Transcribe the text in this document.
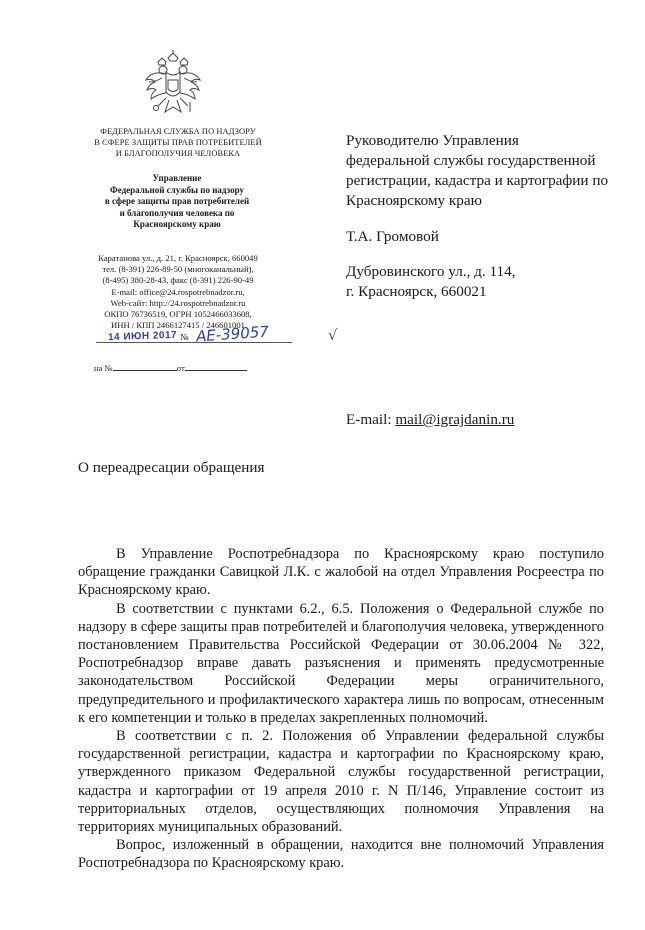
ФЕДЕРАЛЬНАЯ СЛУЖБА ПО НАДЗОРУ
В СФЕРЕ ЗАЩИТЫ ПРАВ ПОТРЕБИТЕЛЕЙ
И БЛАГОПОЛУЧИЯ ЧЕЛОВЕКА
Управление
Федеральной службы по надзору
в сфере защиты прав потребителей
и благополучия человека по
Красноярскому краю
Каратанова ул., д. 21, г. Красноярск, 660049
тел. (8-391) 226-89-50 (многоканальный),
(8-495) 380-28-43, факс (8-391) 226-90-49
E-mail: office@24.rospotrebnadzor.ru,
Web-сайт: http://24.rospotrebnadzor.ru
ОКПО 76736519, ОГРН 1052466033608,
ИНН / КПП 2466127415 / 246601001
14 ИЮН 2017 № АЕ-39057
на №	от
√
Руководителю Управления
федеральной службы государственной
регистрации, кадастра и картографии по
Красноярскому краю
Т.А. Громовой
Дубровинского ул., д. 114,
г. Красноярск, 660021
E-mail: mail@igrajdanin.ru
О переадресации обращения

В Управление Роспотребнадзора по Красноярскому краю поступило обращение гражданки Савицкой Л.К. с жалобой на отдел Управления Росреестра по Красноярскому краю.

В соответствии с пунктами 6.2., 6.5. Положения о Федеральной службе по надзору в сфере защиты прав потребителей и благополучия человека, утвержденного постановлением Правительства Российской Федерации от 30.06.2004 № 322, Роспотребнадзор вправе давать разъяснения и применять предусмотренные законодательством Российской Федерации меры ограничительного, предупредительного и профилактического характера лишь по вопросам, отнесенным к его компетенции и только в пределах закрепленных полномочий.

В соответствии с п. 2. Положения об Управлении федеральной службы государственной регистрации, кадастра и картографии по Красноярскому краю, утвержденного приказом Федеральной службы государственной регистрации, кадастра и картографии от 19 апреля 2010 г. N П/146, Управление состоит из территориальных отделов, осуществляющих полномочия Управления на территориях муниципальных образований.

Вопрос, изложенный в обращении, находится вне полномочий Управления Роспотребнадзора по Красноярскому краю.
